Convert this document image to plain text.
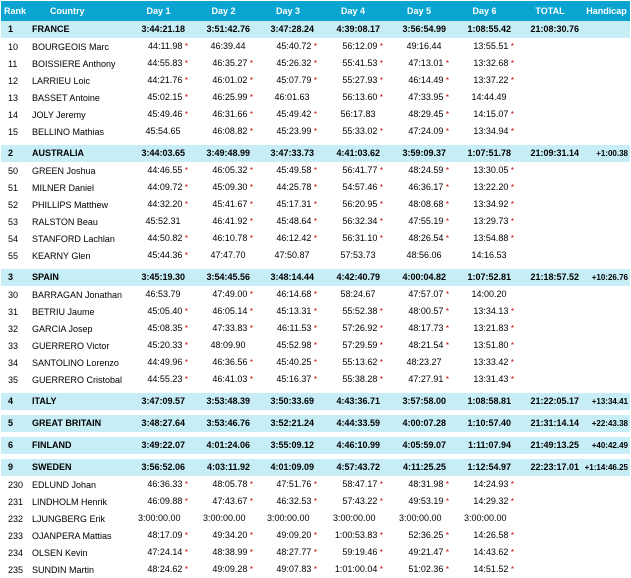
Rank	Country	Day 1	Day 2	Day 3	Day 4	Day 5	Day 6	TOTAL	Handicap
1	FRANCE	3:44:21.18	3:51:42.76	3:47:28.24	4:39:08.17	3:56:54.99	1:08:55.42	21:08:30.76	
10	BOURGEOIS Marc	44:11.98 *	46:39.44	45:40.72 *	56:12.09 *	49:16.44	13:55.51 *		
11	BOISSIERE Anthony	44:55.83 *	46:35.27 *	45:26.32 *	55:41.53 *	47:13.01 *	13:32.68 *		
12	LARRIEU Loic	44:21.76 *	46:01.02 *	45:07.79 *	55:27.93 *	46:14.49 *	13:37.22 *		
13	BASSET Antoine	45:02.15 *	46:25.99 *	46:01.63	56:13.60 *	47:33.95 *	14:44.49		
14	JOLY Jeremy	45:49.46 *	46:31.66 *	45:49.42 *	56:17.83	48:29.45 *	14:15.07 *		
15	BELLINO Mathias	45:54.65	46:08.82 *	45:23.99 *	55:33.02 *	47:24.09 *	13:34.94 *		

2	AUSTRALIA	3:44:03.65	3:49:48.99	3:47:33.73	4:41:03.62	3:59:09.37	1:07:51.78	21:09:31.14	+1:00.38
50	GREEN Joshua	44:46.55 *	46:05.32 *	45:49.58 *	56:41.77 *	48:24.59 *	13:30.05 *		
51	MILNER Daniel	44:09.72 *	45:09.30 *	44:25.78 *	54:57.46 *	46:36.17 *	13:22.20 *		
52	PHILLIPS Matthew	44:32.20 *	45:41.67 *	45:17.31 *	56:20.95 *	48:08.68 *	13:34.92 *		
53	RALSTON Beau	45:52.31	46:41.92 *	45:48.64 *	56:32.34 *	47:55.19 *	13:29.73 *		
54	STANFORD Lachlan	44:50.82 *	46:10.78 *	46:12.42 *	56:31.10 *	48:26.54 *	13:54.88 *		
55	KEARNY Glen	45:44.36 *	47:47.70	47:50.87	57:53.73	48:56.06	14:16.53		

3	SPAIN	3:45:19.30	3:54:45.56	3:48:14.44	4:42:40.79	4:00:04.82	1:07:52.81	21:18:57.52	+10:26.76
30	BARRAGAN Jonathan	46:53.79	47:49.00 *	46:14.68 *	58:24.67	47:57.07 *	14:00.20		
31	BETRIU Jaume	45:05.40 *	46:05.14 *	45:13.31 *	55:52.38 *	48:00.57 *	13:34.13 *		
32	GARCIA Josep	45:08.35 *	47:33.83 *	46:11.53 *	57:26.92 *	48:17.73 *	13:21.83 *		
33	GUERRERO Victor	45:20.33 *	48:09.90	45:52.98 *	57:29.59 *	48:21.54 *	13:51.80 *		
34	SANTOLINO Lorenzo	44:49.96 *	46:36.56 *	45:40.25 *	55:13.62 *	48:23.27	13:33.42 *		
35	GUERRERO Cristobal	44:55.23 *	46:41.03 *	45:16.37 *	55:38.28 *	47:27.91 *	13:31.43 *		

4	ITALY	3:47:09.57	3:53:48.39	3:50:33.69	4:43:36.71	3:57:58.00	1:08:58.81	21:22:05.17	+13:34.41

5	GREAT BRITAIN	3:48:27.64	3:53:46.76	3:52:21.24	4:44:33.59	4:00:07.28	1:10:57.40	21:31:14.14	+22:43.38

6	FINLAND	3:49:22.07	4:01:24.06	3:55:09.12	4:46:10.99	4:05:59.07	1:11:07.94	21:49:13.25	+40:42.49

9	SWEDEN	3:56:52.06	4:03:11.92	4:01:09.09	4:57:43.72	4:11:25.25	1:12:54.97	22:23:17.01	+1:14:46.25
230	EDLUND Johan	46:36.33 *	48:05.78 *	47:51.76 *	58:47.17 *	48:31.98 *	14:24.93 *		
231	LINDHOLM Henrik	46:09.88 *	47:43.67 *	46:32.53 *	57:43.22 *	49:53.19 *	14:29.32 *		
232	LJUNGBERG Erik	3:00:00.00	3:00:00.00	3:00:00.00	3:00:00.00	3:00:00.00	3:00:00.00		
233	OJANPERA Mattias	48:17.09 *	49:34.20 *	49:09.20 *	1:00:53.83 *	52:36.25 *	14:26.58 *		
234	OLSEN Kevin	47:24.14 *	48:38.99 *	48:27.77 *	59:19.46 *	49:21.47 *	14:43.62 *		
235	SUNDIN Martin	48:24.62 *	49:09.28 *	49:07.83 *	1:01:00.04 *	51:02.36 *	14:51.52 *		
